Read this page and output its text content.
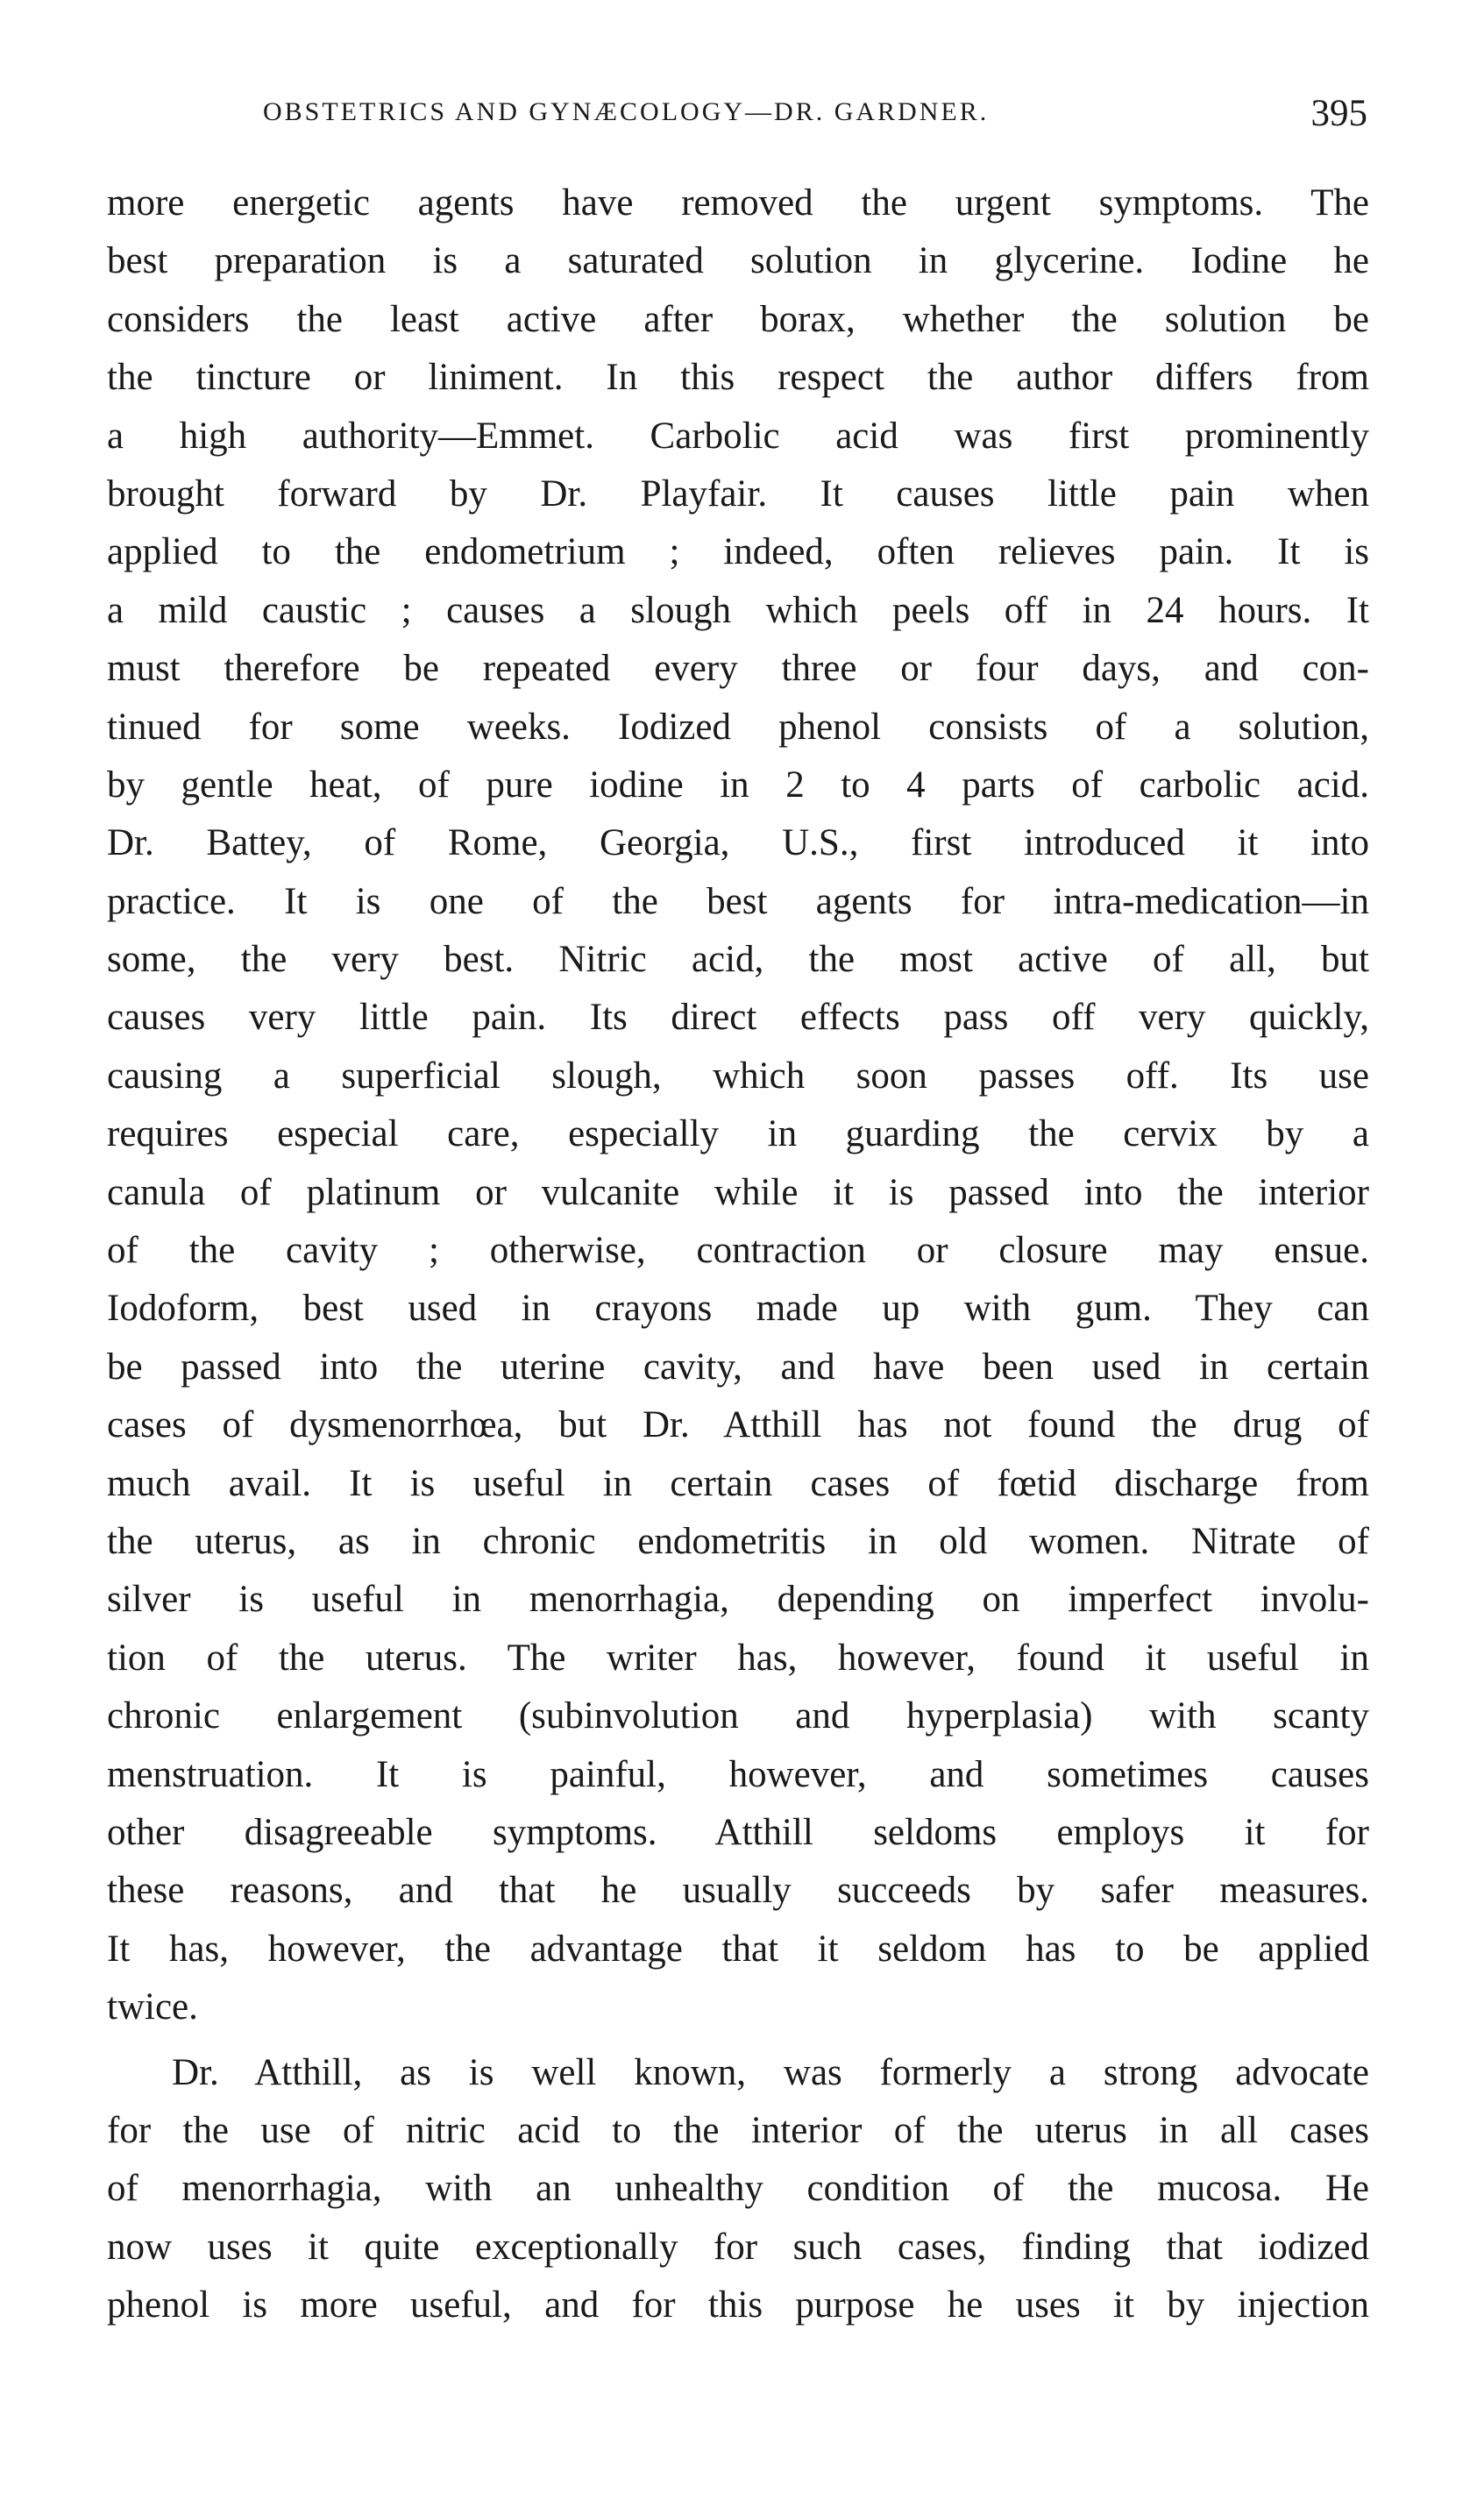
OBSTETRICS AND GYNÆCOLOGY—DR. GARDNER.	395
more energetic agents have removed the urgent symptoms. The
best preparation is a saturated solution in glycerine. Iodine he
considers the least active after borax, whether the solution be
the tincture or liniment. In this respect the author differs from
a high authority—Emmet. Carbolic acid was first prominently
brought forward by Dr. Playfair. It causes little pain when
applied to the endometrium ; indeed, often relieves pain. It is
a mild caustic ; causes a slough which peels off in 24 hours. It
must therefore be repeated every three or four days, and con-
tinued for some weeks. Iodized phenol consists of a solution,
by gentle heat, of pure iodine in 2 to 4 parts of carbolic acid.
Dr. Battey, of Rome, Georgia, U.S., first introduced it into
practice. It is one of the best agents for intra-medication—in
some, the very best. Nitric acid, the most active of all, but
causes very little pain. Its direct effects pass off very quickly,
causing a superficial slough, which soon passes off. Its use
requires especial care, especially in guarding the cervix by a
canula of platinum or vulcanite while it is passed into the interior
of the cavity ; otherwise, contraction or closure may ensue.
Iodoform, best used in crayons made up with gum. They can
be passed into the uterine cavity, and have been used in certain
cases of dysmenorrhœa, but Dr. Atthill has not found the drug of
much avail. It is useful in certain cases of fœtid discharge from
the uterus, as in chronic endometritis in old women. Nitrate of
silver is useful in menorrhagia, depending on imperfect involu-
tion of the uterus. The writer has, however, found it useful in
chronic enlargement (subinvolution and hyperplasia) with scanty
menstruation. It is painful, however, and sometimes causes
other disagreeable symptoms. Atthill seldoms employs it for
these reasons, and that he usually succeeds by safer measures.
It has, however, the advantage that it seldom has to be applied
twice.
Dr. Atthill, as is well known, was formerly a strong advocate
for the use of nitric acid to the interior of the uterus in all cases
of menorrhagia, with an unhealthy condition of the mucosa. He
now uses it quite exceptionally for such cases, finding that iodized
phenol is more useful, and for this purpose he uses it by injection
